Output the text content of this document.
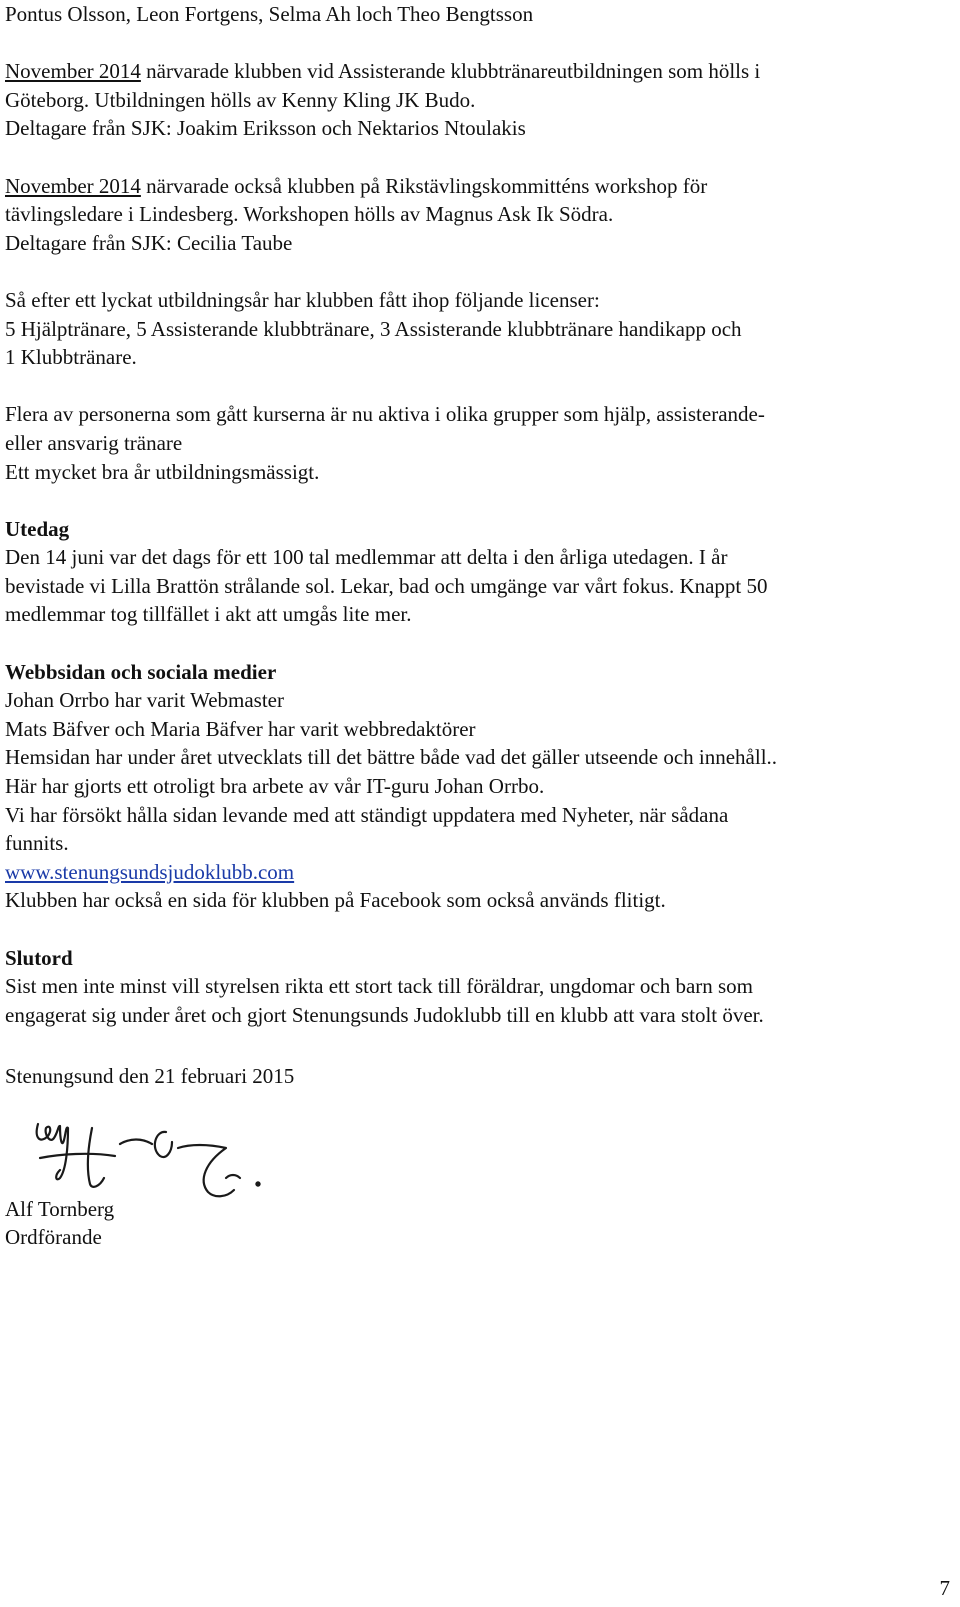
Pontus Olsson, Leon Fortgens, Selma Ah loch Theo Bengtsson
November 2014 närvarade klubben vid Assisterande klubbtränareutbildningen som hölls i
Göteborg. Utbildningen hölls av Kenny Kling JK Budo.
Deltagare från SJK: Joakim Eriksson och Nektarios Ntoulakis
November 2014 närvarade också klubben på Rikstävlingskommitténs workshop för
tävlingsledare i Lindesberg. Workshopen hölls av Magnus Ask Ik Södra.
Deltagare från SJK: Cecilia Taube
Så efter ett lyckat utbildningsår har klubben fått ihop följande licenser:
5 Hjälptränare, 5 Assisterande klubbtränare, 3 Assisterande klubbtränare handikapp och
1 Klubbtränare.
Flera av personerna som gått kurserna är nu aktiva i olika grupper som hjälp, assisterande-
eller ansvarig tränare
Ett mycket bra år utbildningsmässigt.
Utedag
Den 14 juni var det dags för ett 100 tal medlemmar att delta i den årliga utedagen. I år
bevistade vi Lilla Brattön strålande sol. Lekar, bad och umgänge var vårt fokus. Knappt 50
medlemmar tog tillfället i akt att umgås lite mer.
Webbsidan och sociala medier
Johan Orrbo har varit Webmaster
Mats Bäfver och Maria Bäfver har varit webbredaktörer
Hemsidan har under året utvecklats till det bättre både vad det gäller utseende och innehåll..
Här har gjorts ett otroligt bra arbete av vår IT-guru Johan Orrbo.
Vi har försökt hålla sidan levande med att ständigt uppdatera med Nyheter, när sådana
funnits.
www.stenungsundsjudoklubb.com
Klubben har också en sida för klubben på Facebook som också används flitigt.
Slutord
Sist men inte minst vill styrelsen rikta ett stort tack till föräldrar, ungdomar och barn som
engagerat sig under året och gjort Stenungsunds Judoklubb till en klubb att vara stolt över.
Stenungsund den 21 februari 2015
Alf Tornberg
Ordförande
7
